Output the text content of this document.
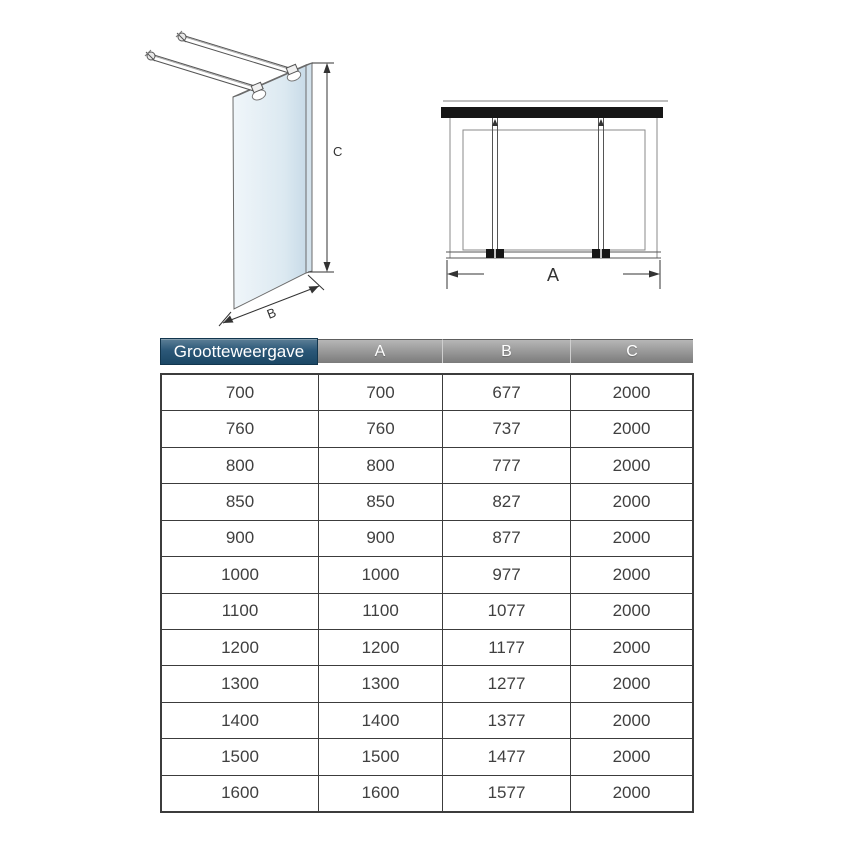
C
B
A
Grootteweergave	A	B	C
700	700	677	2000
760	760	737	2000
800	800	777	2000
850	850	827	2000
900	900	877	2000
1000	1000	977	2000
1100	1100	1077	2000
1200	1200	1177	2000
1300	1300	1277	2000
1400	1400	1377	2000
1500	1500	1477	2000
1600	1600	1577	2000
